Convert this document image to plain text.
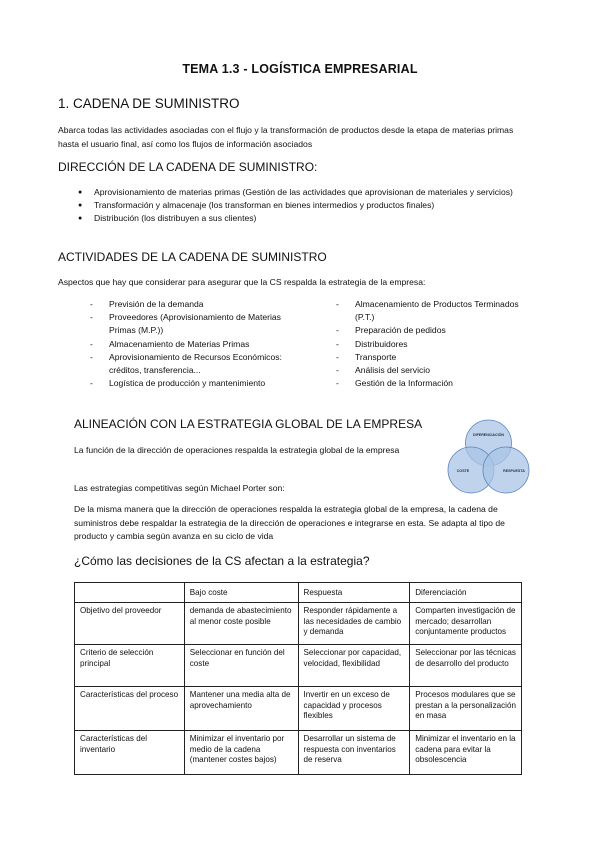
TEMA 1.3 - LOGÍSTICA EMPRESARIAL
1. CADENA DE SUMINISTRO

Abarca todas las actividades asociadas con el flujo y la transformación de productos desde la etapa de materias primas hasta el usuario final, así como los flujos de información asociados

DIRECCIÓN DE LA CADENA DE SUMINISTRO:
● Aprovisionamiento de materias primas (Gestión de las actividades que aprovisionan de materiales y servicios)
● Transformación y almacenaje (los transforman en bienes intermedios y productos finales)
● Distribución (los distribuyen a sus clientes)
ACTIVIDADES DE LA CADENA DE SUMINISTRO

Aspectos que hay que considerar para asegurar que la CS respalda la estrategia de la empresa:

- Previsión de la demanda
- Proveedores (Aprovisionamiento de Materias Primas (M.P.))
- Almacenamiento de Materias Primas
- Aprovisionamiento de Recursos Económicos: créditos, transferencia...
- Logística de producción y mantenimiento
- Almacenamiento de Productos Terminados (P.T.)
- Preparación de pedidos
- Distribuidores
- Transporte
- Análisis del servicio
- Gestión de la Información
ALINEACIÓN CON LA ESTRATEGIA GLOBAL DE LA EMPRESA

La función de la dirección de operaciones respalda la estrategia global de la empresa

Las estrategias competitivas según Michael Porter son:

De la misma manera que la dirección de operaciones respalda la estrategia global de la empresa, la cadena de suministros debe respaldar la estrategia de la dirección de operaciones e integrarse en esta. Se adapta al tipo de producto y cambia según avanza en su ciclo de vida

DIFERENCIACIÓN
COSTE	RESPUESTA
¿Cómo las decisiones de la CS afectan a la estrategia?
	Bajo coste	Respuesta	Diferenciación
Objetivo del proveedor	demanda de abastecimiento al menor coste posible	Responder rápidamente a las necesidades de cambio y demanda	Comparten investigación de mercado; desarrollan conjuntamente productos
Criterio de selección principal	Seleccionar en función del coste	Seleccionar por capacidad, velocidad, flexibilidad	Seleccionar por las técnicas de desarrollo del producto
Características del proceso	Mantener una media alta de aprovechamiento	Invertir en un exceso de capacidad y procesos flexibles	Procesos modulares que se prestan a la personalización en masa
Características del inventario	Minimizar el inventario por medio de la cadena (mantener costes bajos)	Desarrollar un sistema de respuesta con inventarios de reserva	Minimizar el inventario en la cadena para evitar la obsolescencia
